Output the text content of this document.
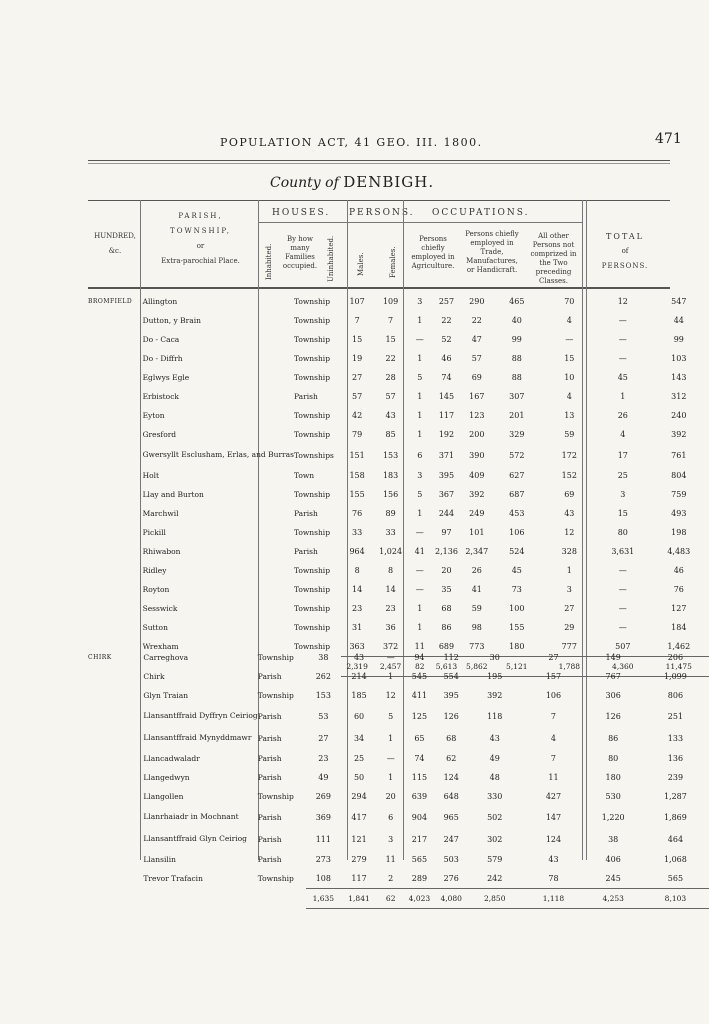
POPULATION ACT, 41 GEO. III. 1800.	471
County of DENBIGH.
HUNDRED,
&c.
PARISH,
TOWNSHIP,
or
Extra-parochial Place.
HOUSES. PERSONS. OCCUPATIONS.
Inhabited.
By how many Families occupied. Uninhabited.	Males.	Females.
Persons chiefly employed in Agriculture.
Persons chiefly employed in Trade, Manufactures, or Handicraft.
All other Persons not comprized in the Two preceding Classes.
TOTAL
of
PERSONS.
BROMFIELD	Allington	Township	107	109	3	257	290	465	70	12	547
	Dutton, y Brain	Township	7	7	1	22	22	40	4	—	44
	Do - Caca	Township	15	15	—	52	47	99	—	—	99
	Do - Diffrh	Township	19	22	1	46	57	88	15	—	103
	Eglwys Egle	Township	27	28	5	74	69	88	10	45	143
	Erbistock	Parish	57	57	1	145	167	307	4	1	312
	Eyton	Township	42	43	1	117	123	201	13	26	240
	Gresford	Township	79	85	1	192	200	329	59	4	392
	Gwersyllt Esclusham, Erlas, and Burras	Townships	151	153	6	371	390	572	172	17	761
	Holt	Town	158	183	3	395	409	627	152	25	804
	Llay and Burton	Township	155	156	5	367	392	687	69	3	759
	Marchwil	Parish	76	89	1	244	249	453	43	15	493
	Pickill	Township	33	33	—	97	101	106	12	80	198
	Rhiwabon	Parish	964	1,024	41	2,136	2,347	524	328	3,631	4,483
	Ridley	Township	8	8	—	20	26	45	1	—	46
	Royton	Township	14	14	—	35	41	73	3	—	76
	Sesswick	Township	23	23	1	68	59	100	27	—	127
	Sutton	Township	31	36	1	86	98	155	29	—	184
	Wrexham	Township	363	372	11	689	773	180	777	507	1,462
			2,319	2,457	82	5,613	5,862	5,121	1,788	4,360	11,475
CHIRK	Carreghova	Township	38	43	—	94	112	30	27	149	206
	Chirk	Parish	262	214	1	545	554	195	157	767	1,099
	Glyn Traian	Township	153	185	12	411	395	392	106	306	806
	Llansantffraid Dyffryn Ceiriog	Parish	53	60	5	125	126	118	7	126	251
	Llansantffraid Mynyddmawr	Parish	27	34	1	65	68	43	4	86	133
	Llancadwaladr	Parish	23	25	—	74	62	49	7	80	136
	Llangedwyn	Parish	49	50	1	115	124	48	11	180	239
	Llangollen	Township	269	294	20	639	648	330	427	530	1,287
	Llanrhaiadr in Mochnant	Parish	369	417	6	904	965	502	147	1,220	1,869
	Llansantffraid Glyn Ceiriog	Parish	111	121	3	217	247	302	124	38	464
	Llansilin	Parish	273	279	11	565	503	579	43	406	1,068
	Trevor Trafacin	Township	108	117	2	289	276	242	78	245	565
			1,635	1,841	62	4,023	4,080	2,850	1,118	4,253	8,103
